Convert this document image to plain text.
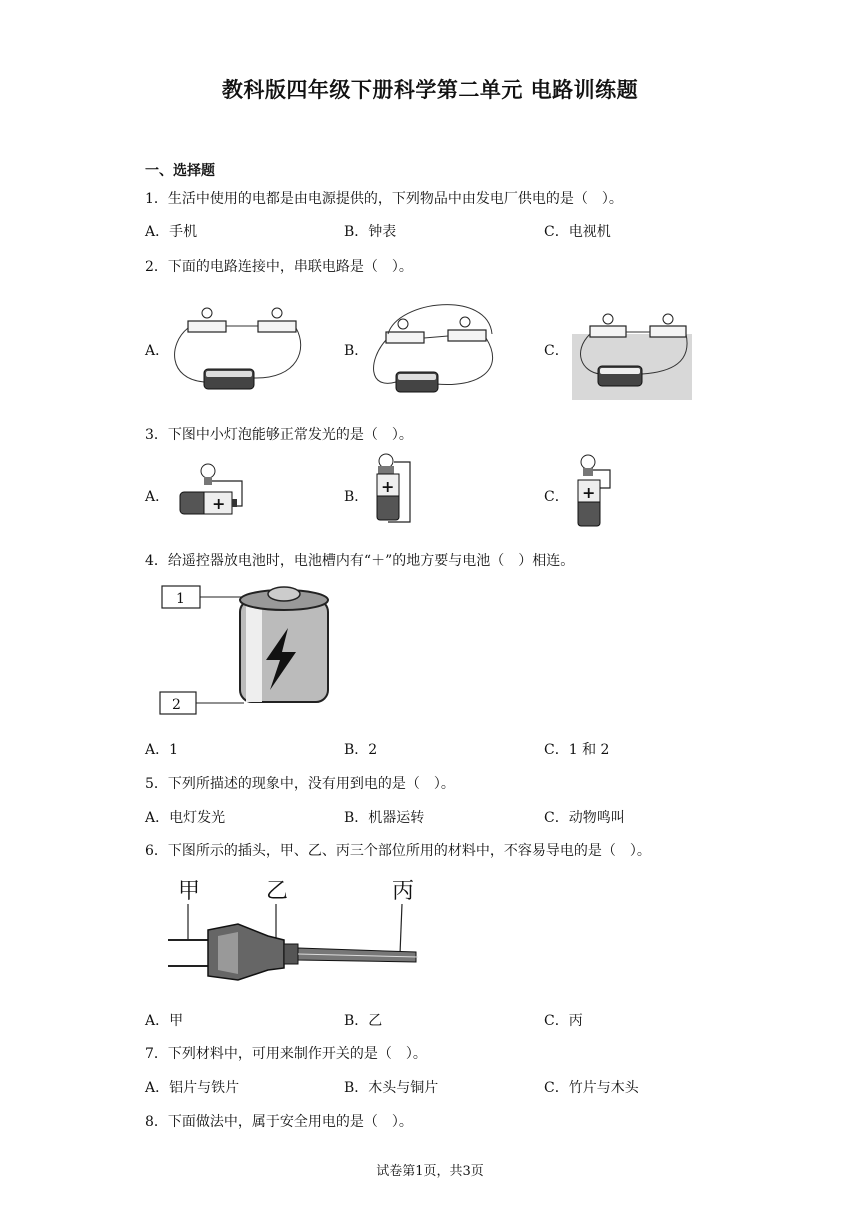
教科版四年级下册科学第二单元 电路训练题
一、选择题
1．生活中使用的电都是由电源提供的，下列物品中由发电厂供电的是（　）。
A．手机	B．钟表	C．电视机
2．下面的电路连接中，串联电路是（　）。
A．	B．	C．
3．下图中小灯泡能够正常发光的是（　）。
A．	B．	C．
+
+	+
4．给遥控器放电池时，电池槽内有“＋”的地方要与电池（　）相连。
1
2
A．1	B．2	C．1 和 2
5．下列所描述的现象中，没有用到电的是（　）。
A．电灯发光	B．机器运转	C．动物鸣叫
6．下图所示的插头，甲、乙、丙三个部位所用的材料中，不容易导电的是（　）。
甲	乙	丙
A．甲	B．乙	C．丙
7．下列材料中，可用来制作开关的是（　）。
A．铝片与铁片	B．木头与铜片	C．竹片与木头
8．下面做法中，属于安全用电的是（　）。
试卷第1页，共3页
